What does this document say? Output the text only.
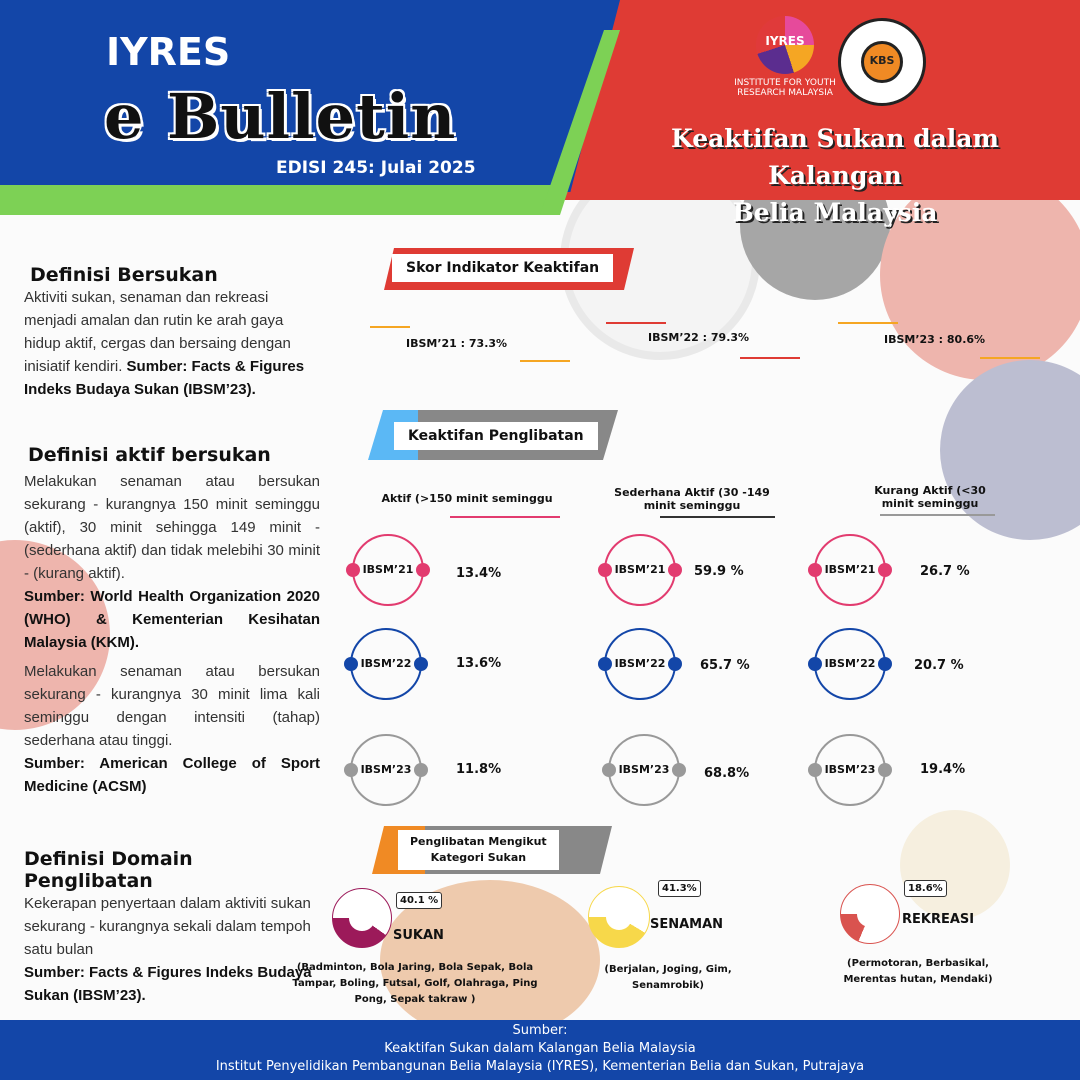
IYRES
e Bulletin
EDISI 245: Julai 2025
IYRES
INSTITUTE FOR YOUTH RESEARCH MALAYSIA
KBS
Keaktifan Sukan dalam Kalangan
Belia Malaysia
Definisi Bersukan

Aktiviti sukan, senaman dan rekreasi menjadi amalan dan rutin ke arah gaya hidup aktif, cergas dan bersaing dengan inisiatif kendiri. Sumber: Facts & Figures Indeks Budaya Sukan (IBSM’23).

Definisi aktif bersukan

Melakukan senaman atau bersukan sekurang - kurangnya 150 minit seminggu (aktif), 30 minit sehingga 149 minit - (sederhana aktif) dan tidak melebihi 30 minit - (kurang aktif).

Sumber: World Health Organization 2020 (WHO) & Kementerian Kesihatan Malaysia (KKM).

Melakukan senaman atau bersukan sekurang - kurangnya 30 minit lima kali seminggu dengan intensiti (tahap) sederhana atau tinggi.

Sumber: American College of Sport Medicine (ACSM)

Definisi Domain Penglibatan

Kekerapan penyertaan dalam aktiviti sukan sekurang - kurangnya sekali dalam tempoh satu bulan

Sumber: Facts & Figures Indeks Budaya Sukan (IBSM’23).

Skor Indikator Keaktifan
IBSM’21 : 73.3%	IBSM’22 : 79.3%	IBSM’23 : 80.6%
Keaktifan Penglibatan
Aktif (>150 minit seminggu	Sederhana Aktif (30 -149 minit seminggu
Kurang Aktif (<30 minit seminggu
IBSM’21	13.4%	IBSM’21	59.9 %	IBSM’21	26.7 %
IBSM’22	13.6%	IBSM’22	65.7 %	IBSM’22	20.7 %
IBSM’23	11.8%	IBSM’23	68.8%	IBSM’23	19.4%
Penglibatan Mengikut
Kategori Sukan
40.1 %
SUKAN
(Badminton, Bola Jaring, Bola Sepak, Bola Tampar, Boling, Futsal, Golf, Olahraga, Ping Pong, Sepak takraw )
41.3%
SENAMAN
(Berjalan, Joging, Gim, Senamrobik)
18.6%
REKREASI
(Permotoran, Berbasikal, Merentas hutan, Mendaki)
Sumber:
Keaktifan Sukan dalam Kalangan Belia Malaysia
Institut Penyelidikan Pembangunan Belia Malaysia (IYRES), Kementerian Belia dan Sukan, Putrajaya
